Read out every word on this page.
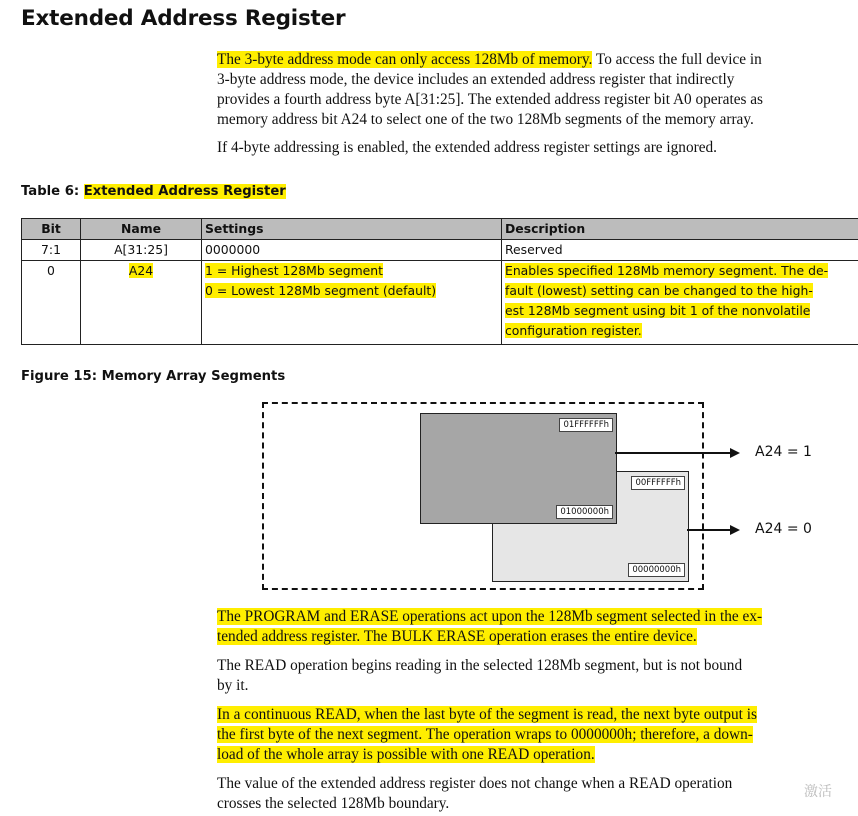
Extended Address Register

The 3-byte address mode can only access 128Mb of memory. To access the full device in
3-byte address mode, the device includes an extended address register that indirectly
provides a fourth address byte A[31:25]. The extended address register bit A0 operates as
memory address bit A24 to select one of the two 128Mb segments of the memory array.

If 4-byte addressing is enabled, the extended address register settings are ignored.

Table 6: Extended Address Register

Bit	Name	Settings	Description
7:1	A[31:25]	0000000	Reserved
0	A24	1 = Highest 128Mb segment
0 = Lowest 128Mb segment (default)	Enables specified 128Mb memory segment. The de-
fault (lowest) setting can be changed to the high-
est 128Mb segment using bit 1 of the nonvolatile
configuration register.

Figure 15: Memory Array Segments

00FFFFFFh
00000000h
01FFFFFFh
01000000h
A24 = 1
A24 = 0

The PROGRAM and ERASE operations act upon the 128Mb segment selected in the ex-
tended address register. The BULK ERASE operation erases the entire device.

The READ operation begins reading in the selected 128Mb segment, but is not bound
by it.

In a continuous READ, when the last byte of the segment is read, the next byte output is
the first byte of the next segment. The operation wraps to 0000000h; therefore, a down-
load of the whole array is possible with one READ operation.

The value of the extended address register does not change when a READ operation
crosses the selected 128Mb boundary.

激活
